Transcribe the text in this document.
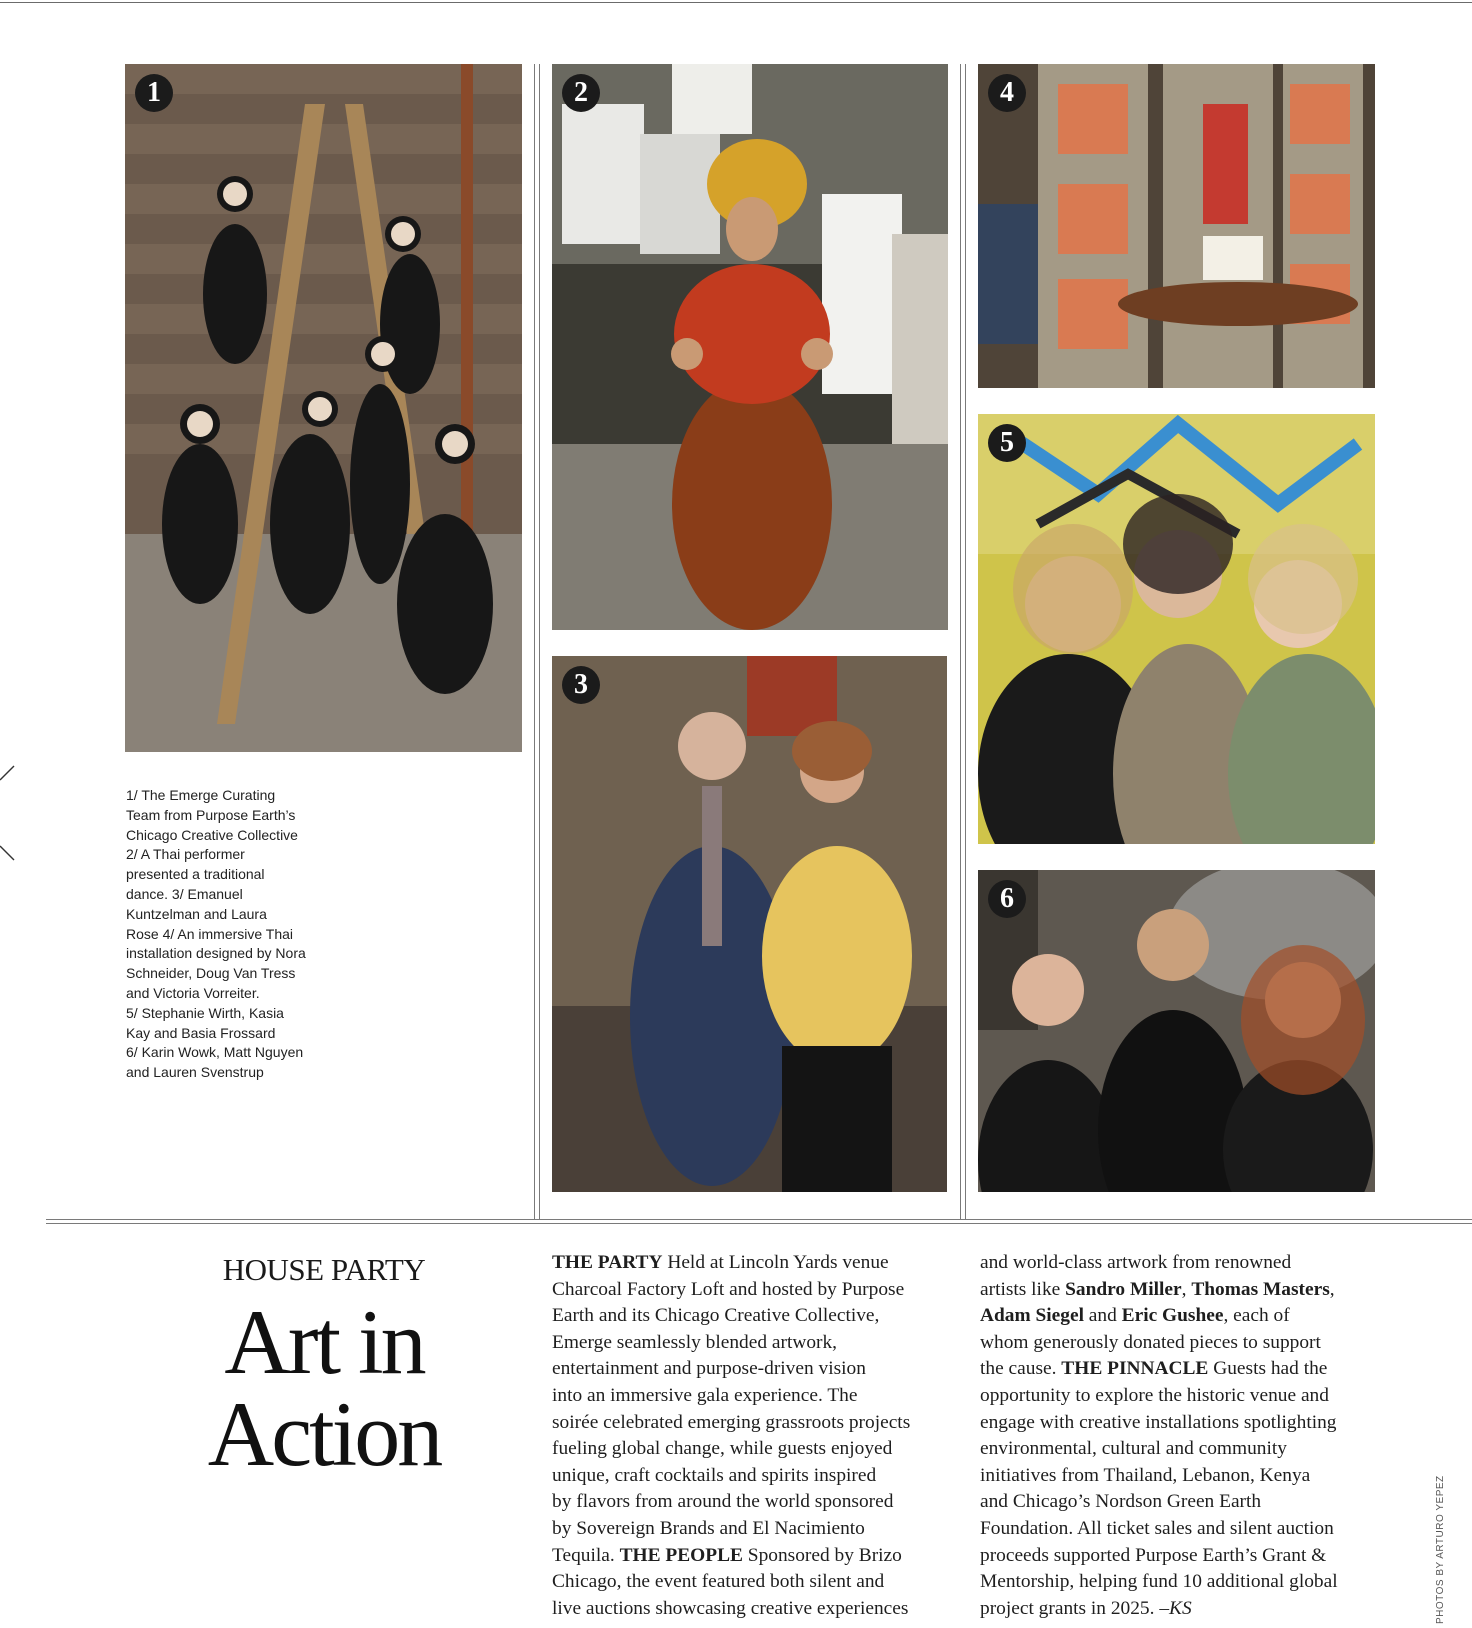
1	2
3
4
5
6
1/ The Emerge Curating
Team from Purpose Earth’s
Chicago Creative Collective
2/ A Thai performer
presented a traditional
dance. 3/ Emanuel
Kuntzelman and Laura
Rose 4/ An immersive Thai
installation designed by Nora
Schneider, Doug Van Tress
and Victoria Vorreiter.
5/ Stephanie Wirth, Kasia
Kay and Basia Frossard
6/ Karin Wowk, Matt Nguyen
and Lauren Svenstrup
HOUSE PARTY
Art in
Action
THE PARTY Held at Lincoln Yards venue
Charcoal Factory Loft and hosted by Purpose
Earth and its Chicago Creative Collective,
Emerge seamlessly blended artwork,
entertainment and purpose-driven vision
into an immersive gala experience. The
soirée celebrated emerging grassroots projects
fueling global change, while guests enjoyed
unique, craft cocktails and spirits inspired
by flavors from around the world sponsored
by Sovereign Brands and El Nacimiento
Tequila. THE PEOPLE Sponsored by Brizo
Chicago, the event featured both silent and
live auctions showcasing creative experiences
and world-class artwork from renowned
artists like Sandro Miller, Thomas Masters,
Adam Siegel and Eric Gushee, each of
whom generously donated pieces to support
the cause. THE PINNACLE Guests had the
opportunity to explore the historic venue and
engage with creative installations spotlighting
environmental, cultural and community
initiatives from Thailand, Lebanon, Kenya
and Chicago’s Nordson Green Earth
Foundation. All ticket sales and silent auction
proceeds supported Purpose Earth’s Grant &
Mentorship, helping fund 10 additional global
project grants in 2025. –KS	PHOTOS BY ARTURO YEPEZ
